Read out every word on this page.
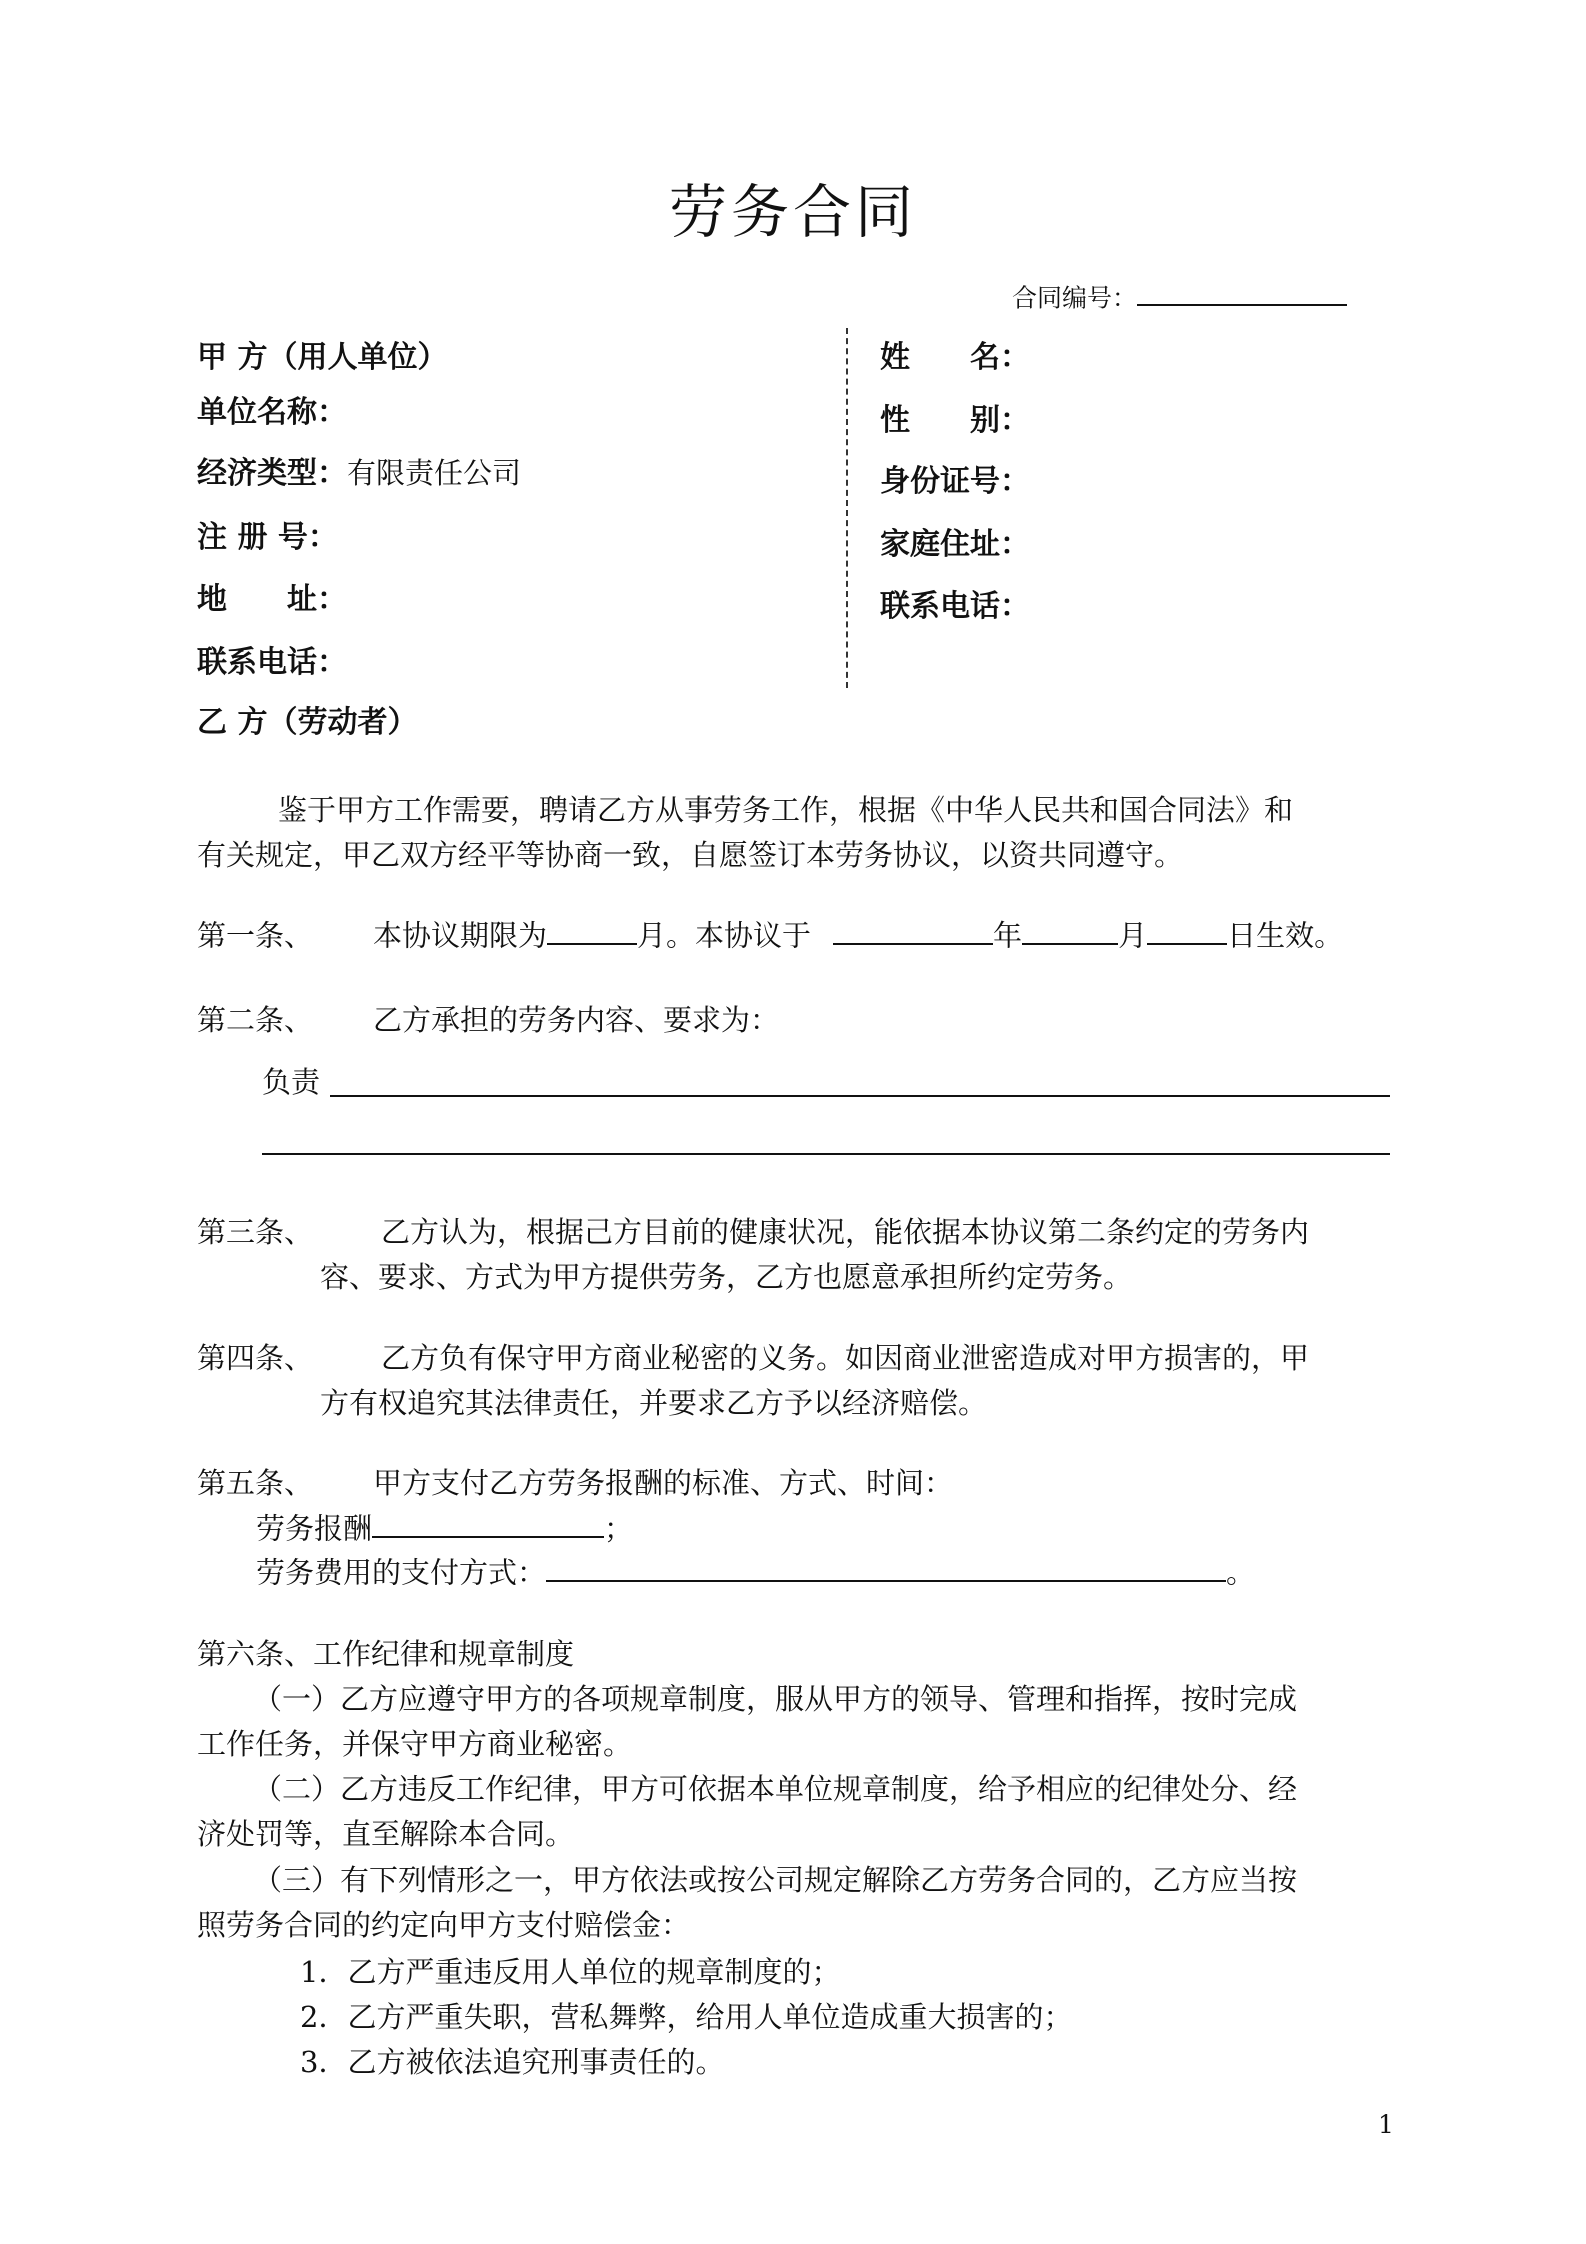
劳务合同
合同编号：
甲 方（用人单位）
单位名称：
经济类型：有限责任公司
注 册 号：
地　　址：
联系电话：
姓　　名：
性　　别：
身份证号：
家庭住址：
联系电话：
乙 方（劳动者）
鉴于甲方工作需要，聘请乙方从事劳务工作，根据《中华人民共和国合同法》和
有关规定，甲乙双方经平等协商一致，自愿签订本劳务协议，以资共同遵守。
第一条、 本协议期限为	月。本协议于	年	月	日生效。
第二条、 乙方承担的劳务内容、要求为：
负责
第三条、 乙方认为，根据己方目前的健康状况，能依据本协议第二条约定的劳务内
容、要求、方式为甲方提供劳务，乙方也愿意承担所约定劳务。
第四条、 乙方负有保守甲方商业秘密的义务。如因商业泄密造成对甲方损害的，甲
方有权追究其法律责任，并要求乙方予以经济赔偿。
第五条、 甲方支付乙方劳务报酬的标准、方式、时间：
劳务报酬	；
劳务费用的支付方式：	。
第六条、工作纪律和规章制度
（一）乙方应遵守甲方的各项规章制度，服从甲方的领导、管理和指挥，按时完成
工作任务，并保守甲方商业秘密。
（二）乙方违反工作纪律，甲方可依据本单位规章制度，给予相应的纪律处分、经
济处罚等，直至解除本合同。
（三）有下列情形之一，甲方依法或按公司规定解除乙方劳务合同的，乙方应当按
照劳务合同的约定向甲方支付赔偿金：
1．乙方严重违反用人单位的规章制度的；
2．乙方严重失职，营私舞弊，给用人单位造成重大损害的；
3．乙方被依法追究刑事责任的。
1
